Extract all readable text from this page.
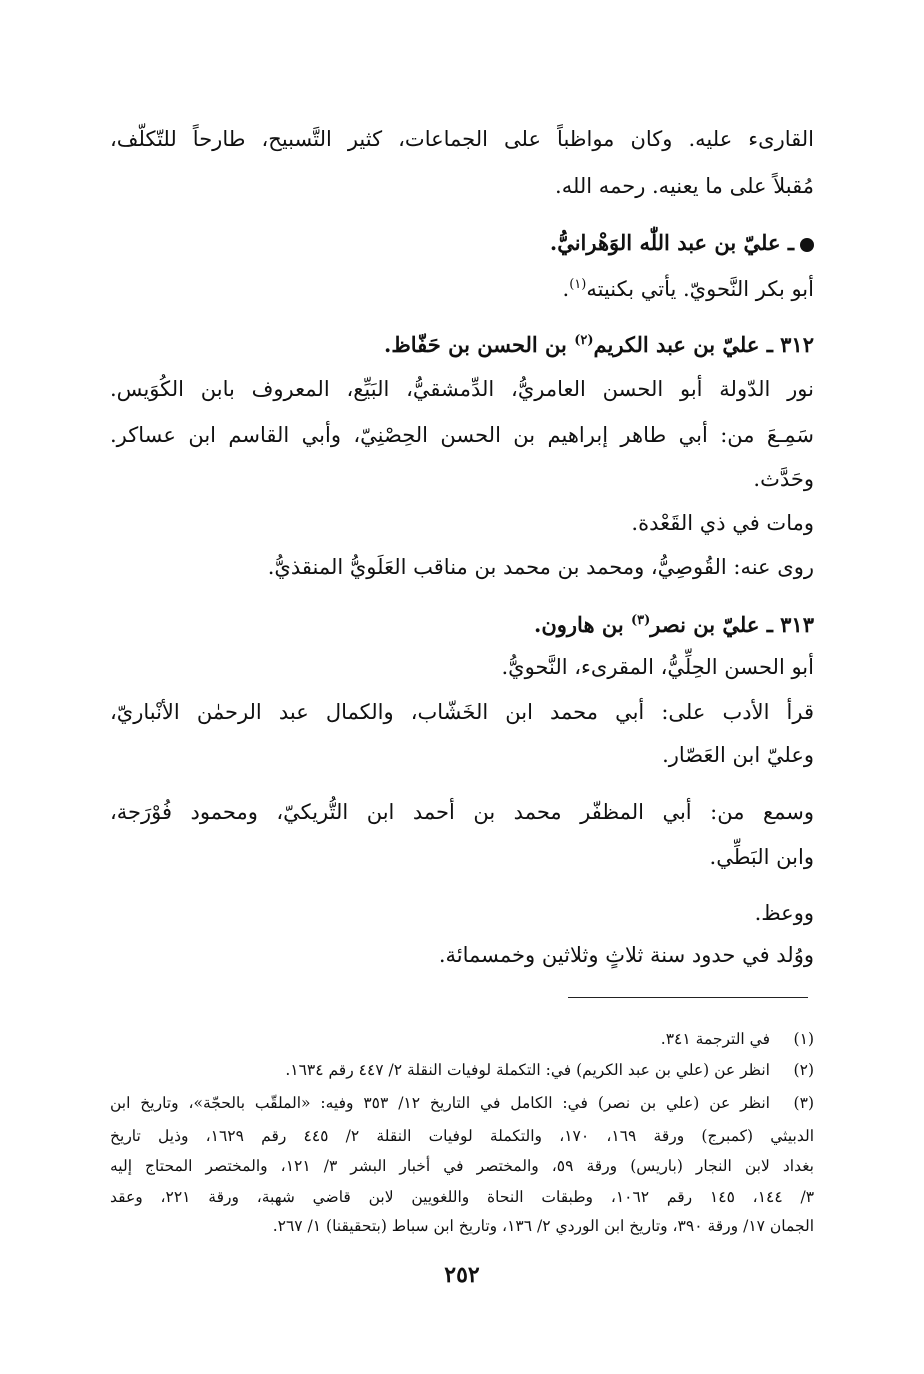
القارىء عليه. وكان مواظباً على الجماعات، كثير التَّسبيح، طارحاً للتّكلّف،
مُقبلاً على ما يعنيه. رحمه الله.
ـ عليّ بن عبد اللّٰه الوَهْرانيُّ.
أبو بكر النَّحويّ. يأتي بكنيته$^{(١)}$.
٣١٢ ـ عليّ بن عبد الكريم$^{(٢)}$ بن الحسن بن حَفّاظ.
نور الدّولة أبو الحسن العامريُّ، الدِّمشقيُّ، البَيِّع، المعروف بابن الكُوَيس.
سَمِـعَ من: أبي طاهر إبراهيم بن الحسن الحِصْنِيّ، وأبي القاسم ابن عساكر.
وحَدَّث.
ومات في ذي القَعْدة.
روى عنه: القُوصِيُّ، ومحمد بن محمد بن مناقب العَلَويُّ المنقذيُّ.
٣١٣ ـ عليّ بن نصر$^{(٣)}$ بن هارون.
أبو الحسن الحِلِّيُّ، المقرىء، النَّحويُّ.
قرأ الأدب على: أبي محمد ابن الخَشّاب، والكمال عبد الرحمٰن الأنْباريّ،
وعليّ ابن العَصّار.
وسمع من: أبي المظفّر محمد بن أحمد ابن التُّريكيّ، ومحمود فُوْرَجة،
وابن البَطِّي.
ووعظ.
ووُلد في حدود سنة ثلاثٍ وثلاثين وخمسمائة.
(١)
في الترجمة ٣٤١.
(٢)
انظر عن (علي بن عبد الكريم) في: التكملة لوفيات النقلة ٢/ ٤٤٧ رقم ١٦٣٤.
(٣)
انظر عن (علي بن نصر) في: الكامل في التاريخ ١٢/ ٣٥٣ وفيه: «الملقّب بالحجّة»، وتاريخ ابن
الدبيثي (كمبرج) ورقة ١٦٩، ١٧٠، والتكملة لوفيات النقلة ٢/ ٤٤٥ رقم ١٦٢٩، وذيل تاريخ
بغداد لابن النجار (باريس) ورقة ٥٩، والمختصر في أخبار البشر ٣/ ١٢١، والمختصر المحتاج إليه
٣/ ١٤٤، ١٤٥ رقم ١٠٦٢، وطبقات النحاة واللغويين لابن قاضي شهبة، ورقة ٢٢١، وعقد
الجمان ١٧/ ورقة ٣٩٠، وتاريخ ابن الوردي ٢/ ١٣٦، وتاريخ ابن سباط (بتحقيقنا) ١/ ٢٦٧.
٢٥٢
